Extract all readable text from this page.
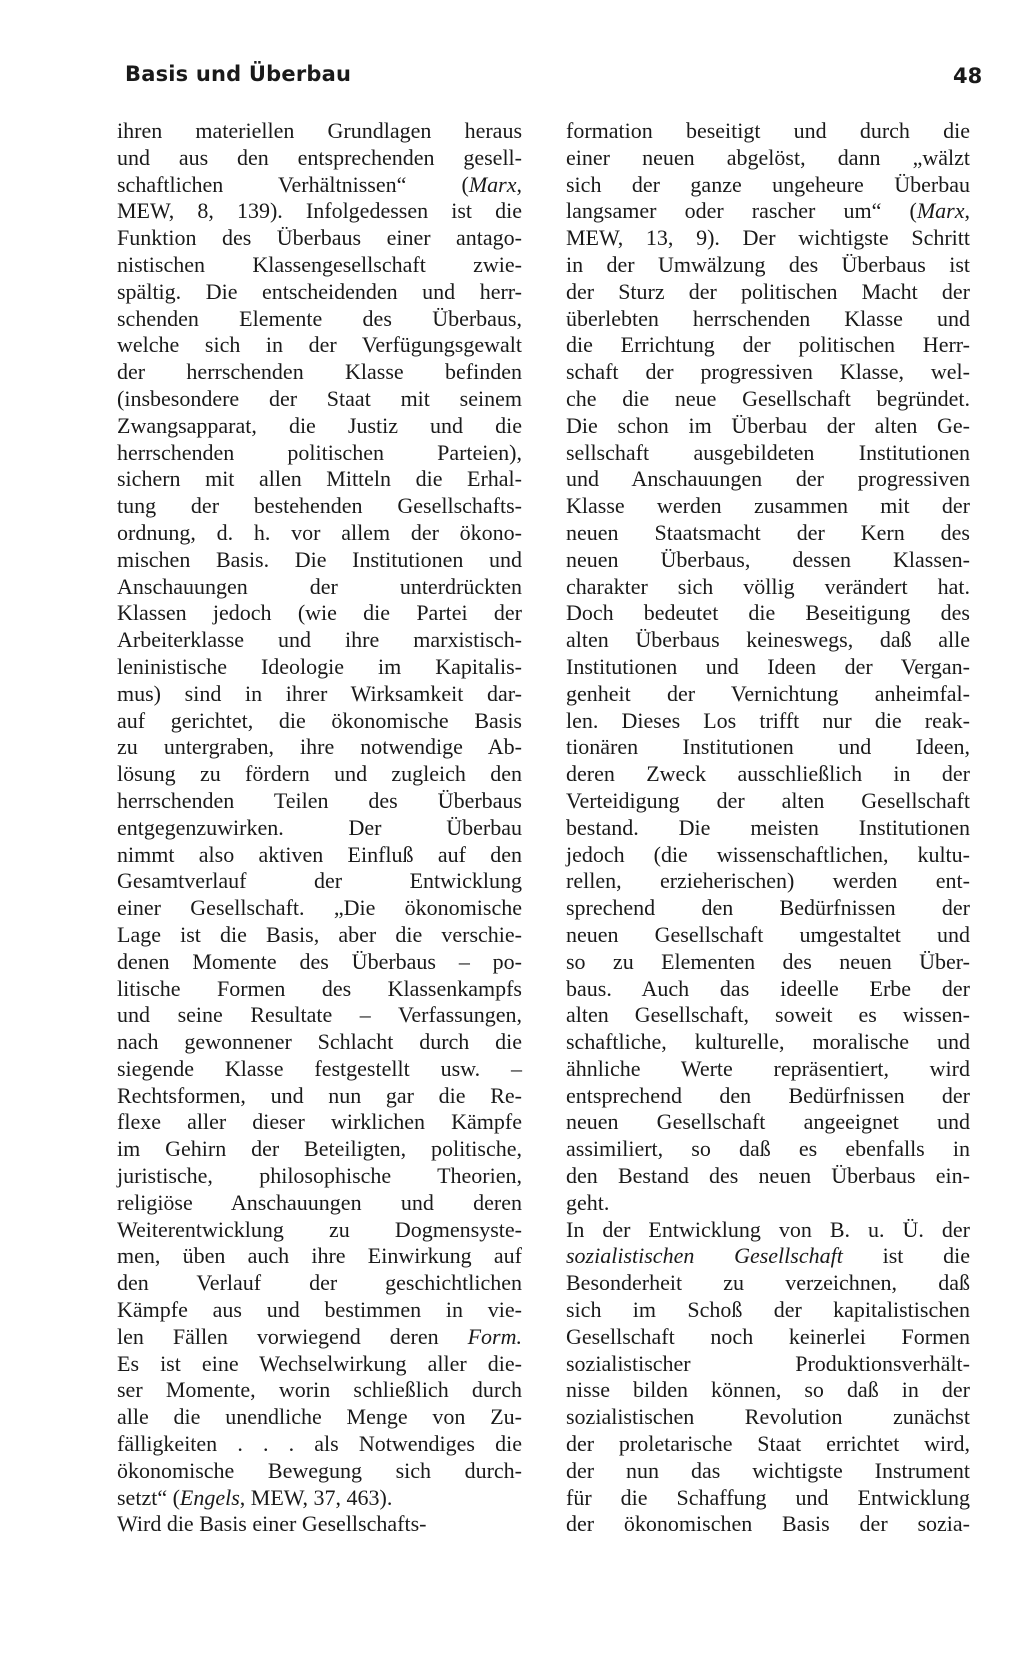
Basis und Überbau	48
ihren materiellen Grundlagen heraus
und aus den entsprechenden gesell-
schaftlichen Verhältnissen“ (Marx,
MEW, 8, 139). Infolgedessen ist die
Funktion des Überbaus einer antago-
nistischen Klassengesellschaft zwie-
spältig. Die entscheidenden und herr-
schenden Elemente des Überbaus,
welche sich in der Verfügungsgewalt
der herrschenden Klasse befinden
(insbesondere der Staat mit seinem
Zwangsapparat, die Justiz und die
herrschenden politischen Parteien),
sichern mit allen Mitteln die Erhal-
tung der bestehenden Gesellschafts-
ordnung, d. h. vor allem der ökono-
mischen Basis. Die Institutionen und
Anschauungen der unterdrückten
Klassen jedoch (wie die Partei der
Arbeiterklasse und ihre marxistisch-
leninistische Ideologie im Kapitalis-
mus) sind in ihrer Wirksamkeit dar-
auf gerichtet, die ökonomische Basis
zu untergraben, ihre notwendige Ab-
lösung zu fördern und zugleich den
herrschenden Teilen des Überbaus
entgegenzuwirken. Der Überbau
nimmt also aktiven Einfluß auf den
Gesamtverlauf der Entwicklung
einer Gesellschaft. „Die ökonomische
Lage ist die Basis, aber die verschie-
denen Momente des Überbaus – po-
litische Formen des Klassenkampfs
und seine Resultate – Verfassungen,
nach gewonnener Schlacht durch die
siegende Klasse festgestellt usw. –
Rechtsformen, und nun gar die Re-
flexe aller dieser wirklichen Kämpfe
im Gehirn der Beteiligten, politische,
juristische, philosophische Theorien,
religiöse Anschauungen und deren
Weiterentwicklung zu Dogmensyste-
men, üben auch ihre Einwirkung auf
den Verlauf der geschichtlichen
Kämpfe aus und bestimmen in vie-
len Fällen vorwiegend deren Form.
Es ist eine Wechselwirkung aller die-
ser Momente, worin schließlich durch
alle die unendliche Menge von Zu-
fälligkeiten . . . als Notwendiges die
ökonomische Bewegung sich durch-
setzt“ (Engels, MEW, 37, 463).
Wird die Basis einer Gesellschafts-
formation beseitigt und durch die
einer neuen abgelöst, dann „wälzt
sich der ganze ungeheure Überbau
langsamer oder rascher um“ (Marx,
MEW, 13, 9). Der wichtigste Schritt
in der Umwälzung des Überbaus ist
der Sturz der politischen Macht der
überlebten herrschenden Klasse und
die Errichtung der politischen Herr-
schaft der progressiven Klasse, wel-
che die neue Gesellschaft begründet.
Die schon im Überbau der alten Ge-
sellschaft ausgebildeten Institutionen
und Anschauungen der progressiven
Klasse werden zusammen mit der
neuen Staatsmacht der Kern des
neuen Überbaus, dessen Klassen-
charakter sich völlig verändert hat.
Doch bedeutet die Beseitigung des
alten Überbaus keineswegs, daß alle
Institutionen und Ideen der Vergan-
genheit der Vernichtung anheimfal-
len. Dieses Los trifft nur die reak-
tionären Institutionen und Ideen,
deren Zweck ausschließlich in der
Verteidigung der alten Gesellschaft
bestand. Die meisten Institutionen
jedoch (die wissenschaftlichen, kultu-
rellen, erzieherischen) werden ent-
sprechend den Bedürfnissen der
neuen Gesellschaft umgestaltet und
so zu Elementen des neuen Über-
baus. Auch das ideelle Erbe der
alten Gesellschaft, soweit es wissen-
schaftliche, kulturelle, moralische und
ähnliche Werte repräsentiert, wird
entsprechend den Bedürfnissen der
neuen Gesellschaft angeeignet und
assimiliert, so daß es ebenfalls in
den Bestand des neuen Überbaus ein-
geht.
In der Entwicklung von B. u. Ü. der
sozialistischen Gesellschaft ist die
Besonderheit zu verzeichnen, daß
sich im Schoß der kapitalistischen
Gesellschaft noch keinerlei Formen
sozialistischer Produktionsverhält-
nisse bilden können, so daß in der
sozialistischen Revolution zunächst
der proletarische Staat errichtet wird,
der nun das wichtigste Instrument
für die Schaffung und Entwicklung
der ökonomischen Basis der sozia-
